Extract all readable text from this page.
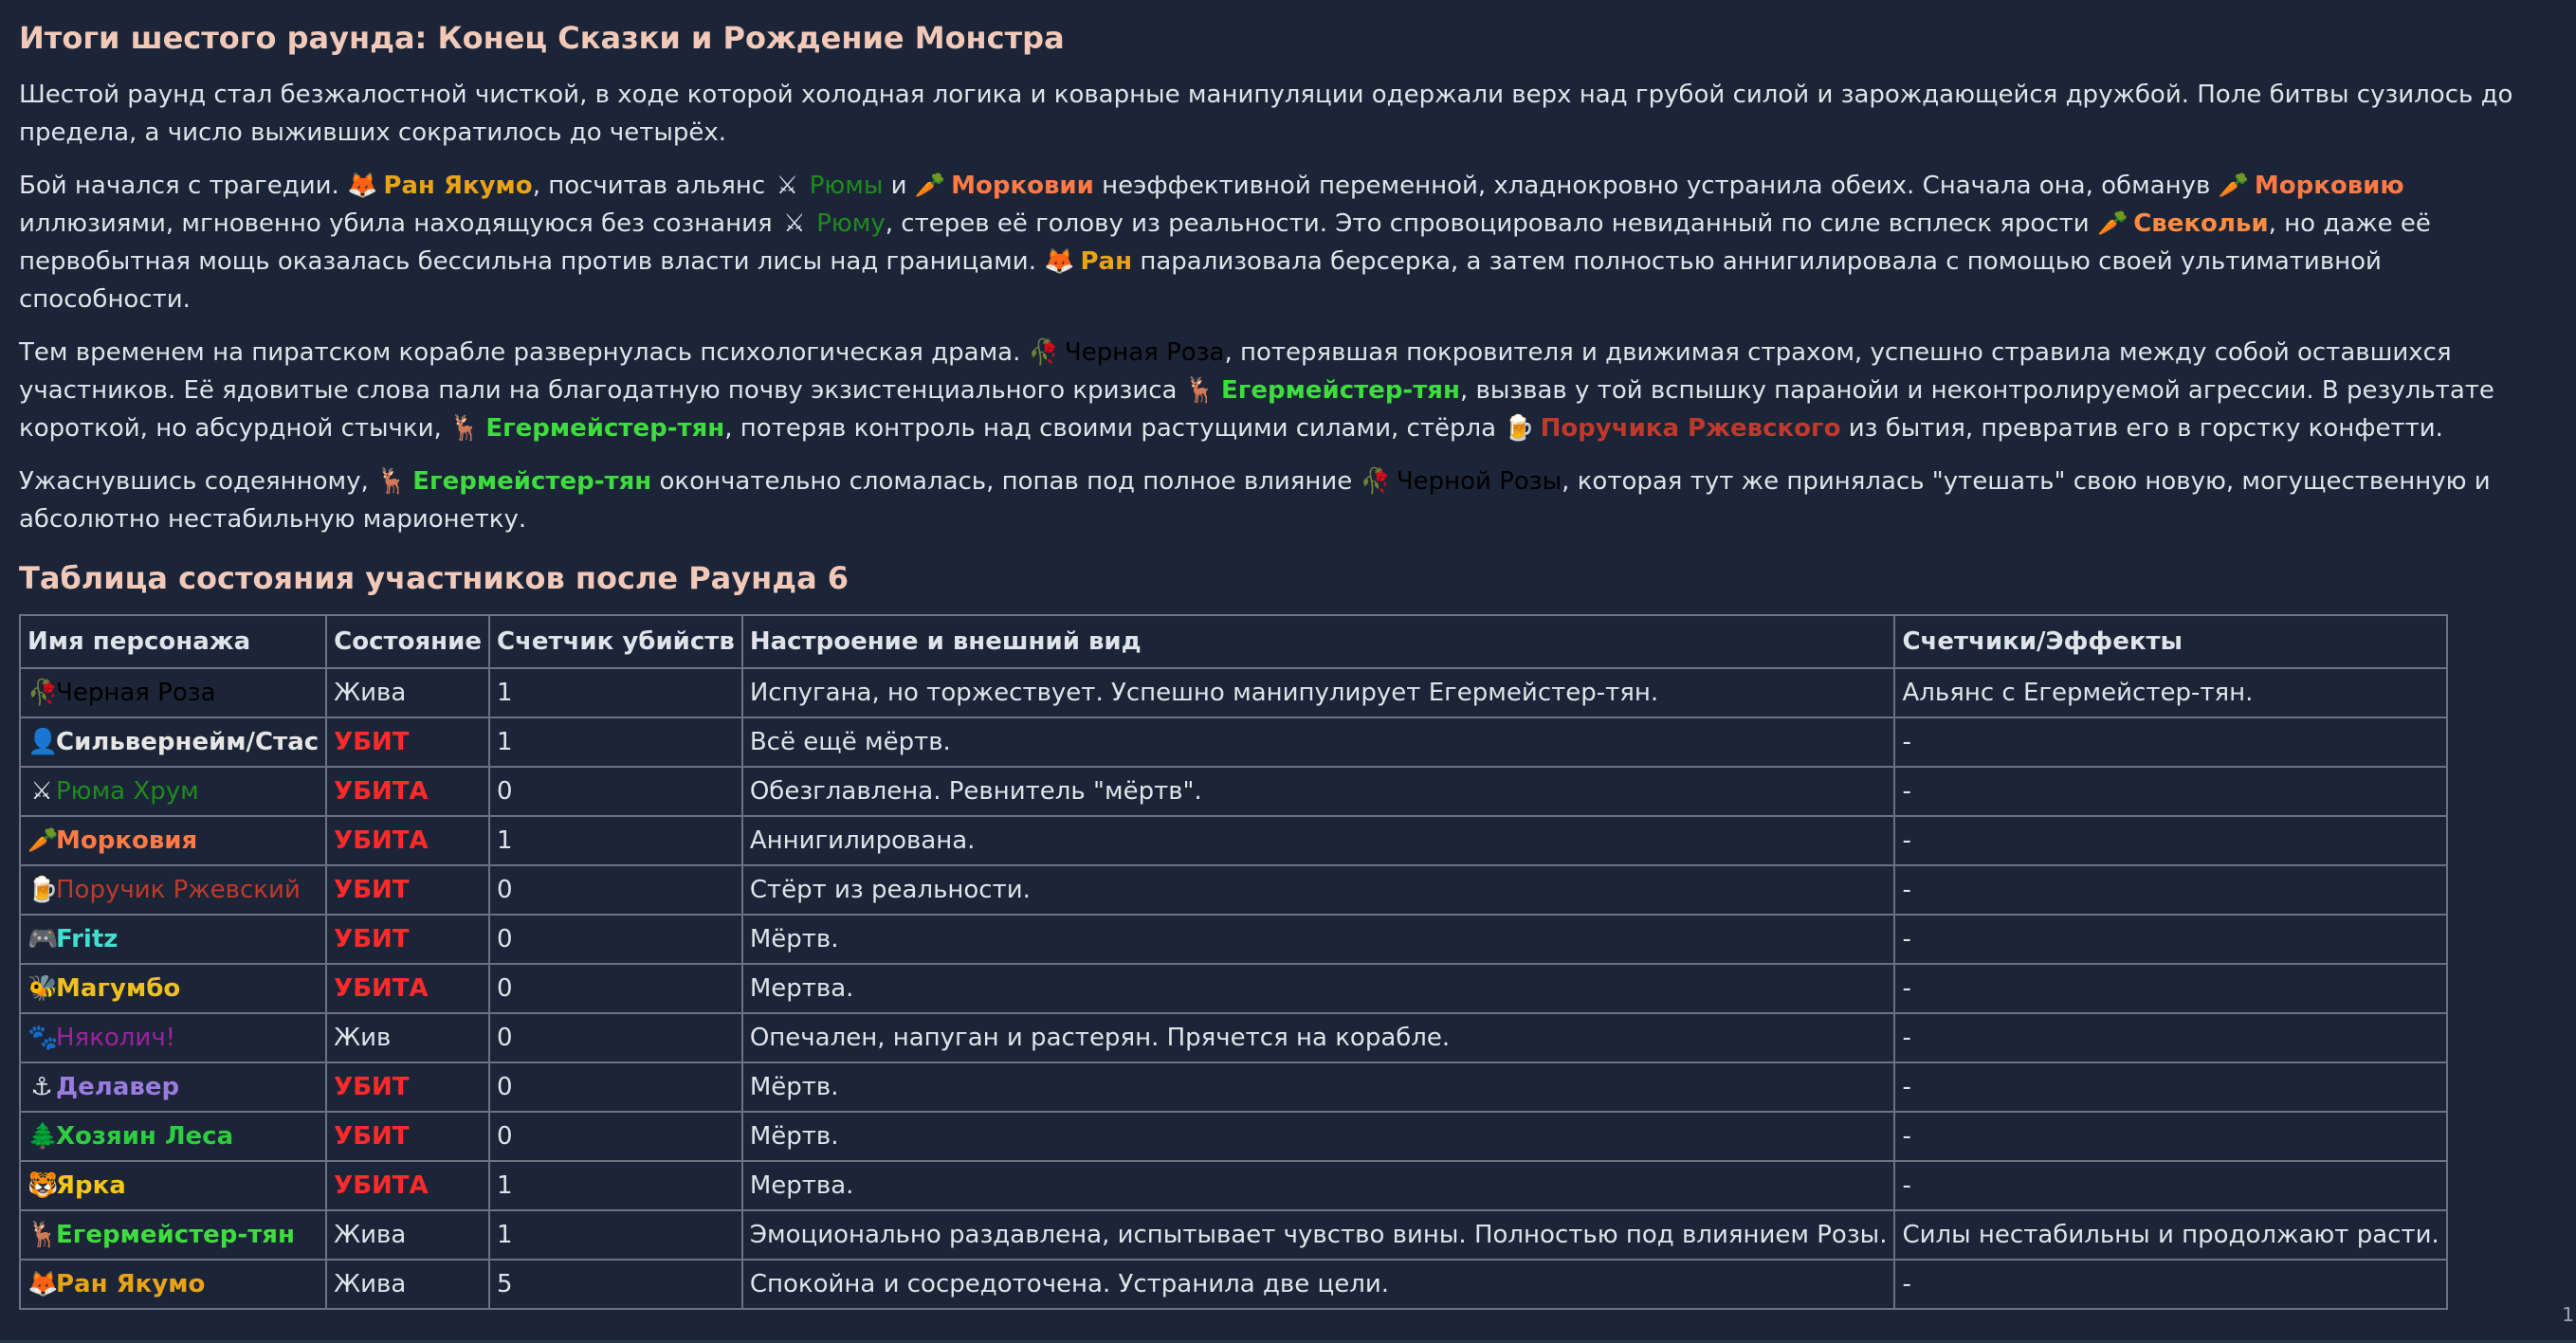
Итоги шестого раунда: Конец Сказки и Рождение Монстра

Шестой раунд стал безжалостной чисткой, в ходе которой холодная логика и коварные манипуляции одержали верх над грубой силой и зарождающейся дружбой. Поле битвы сузилось до предела, а число выживших сократилось до четырёх.

Бой начался с трагедии. 🦊 Ран Якумо, посчитав альянс ⚔ Рюмы и 🥕 Морковии неэффективной переменной, хладнокровно устранила обеих. Сначала она, обманув 🥕 Морковию иллюзиями, мгновенно убила находящуюся без сознания ⚔ Рюму, стерев её голову из реальности. Это спровоцировало невиданный по силе всплеск ярости 🥕 Свекольи, но даже её первобытная мощь оказалась бессильна против власти лисы над границами. 🦊 Ран парализовала берсерка, а затем полностью аннигилировала с помощью своей ультимативной способности.

Тем временем на пиратском корабле развернулась психологическая драма. 🥀 Черная Роза, потерявшая покровителя и движимая страхом, успешно стравила между собой оставшихся участников. Её ядовитые слова пали на благодатную почву экзистенциального кризиса 🦌 Егермейстер-тян, вызвав у той вспышку паранойи и неконтролируемой агрессии. В результате короткой, но абсурдной стычки, 🦌 Егермейстер-тян, потеряв контроль над своими растущими силами, стёрла 🍺 Поручика Ржевского из бытия, превратив его в горстку конфетти.

Ужаснувшись содеянному, 🦌 Егермейстер-тян окончательно сломалась, попав под полное влияние 🥀 Черной Розы, которая тут же принялась "утешать" свою новую, могущественную и абсолютно нестабильную марионетку.

Таблица состояния участников после Раунда 6
Имя персонажа	Состояние	Счетчик убийств	Настроение и внешний вид	Счетчики/Эффекты
🥀Черная Роза	Жива	1	Испугана, но торжествует. Успешно манипулирует Егермейстер-тян.	Альянс с Егермейстер-тян.
👤Сильвернейм/Стас	УБИТ	1	Всё ещё мёртв.	-
⚔ Рюма Хрум	УБИТА	0	Обезглавлена. Ревнитель "мёртв".	-
🥕Морковия	УБИТА	1	Аннигилирована.	-
🍺Поручик Ржевский	УБИТ	0	Стёрт из реальности.	-
🎮Fritz	УБИТ	0	Мёртв.	-
🐝Магумбо	УБИТА	0	Мертва.	-
🐾Няколич!	Жив	0	Опечален, напуган и растерян. Прячется на корабле.	-
⚓ Делавер	УБИТ	0	Мёртв.	-
🌲Хозяин Леса	УБИТ	0	Мёртв.	-
🐯Ярка	УБИТА	1	Мертва.	-
🦌Егермейстер-тян	Жива	1	Эмоционально раздавлена, испытывает чувство вины. Полностью под влиянием Розы.	Силы нестабильны и продолжают расти.
🦊Ран Якумо	Жива	5	Спокойна и сосредоточена. Устранила две цели.	-
1
